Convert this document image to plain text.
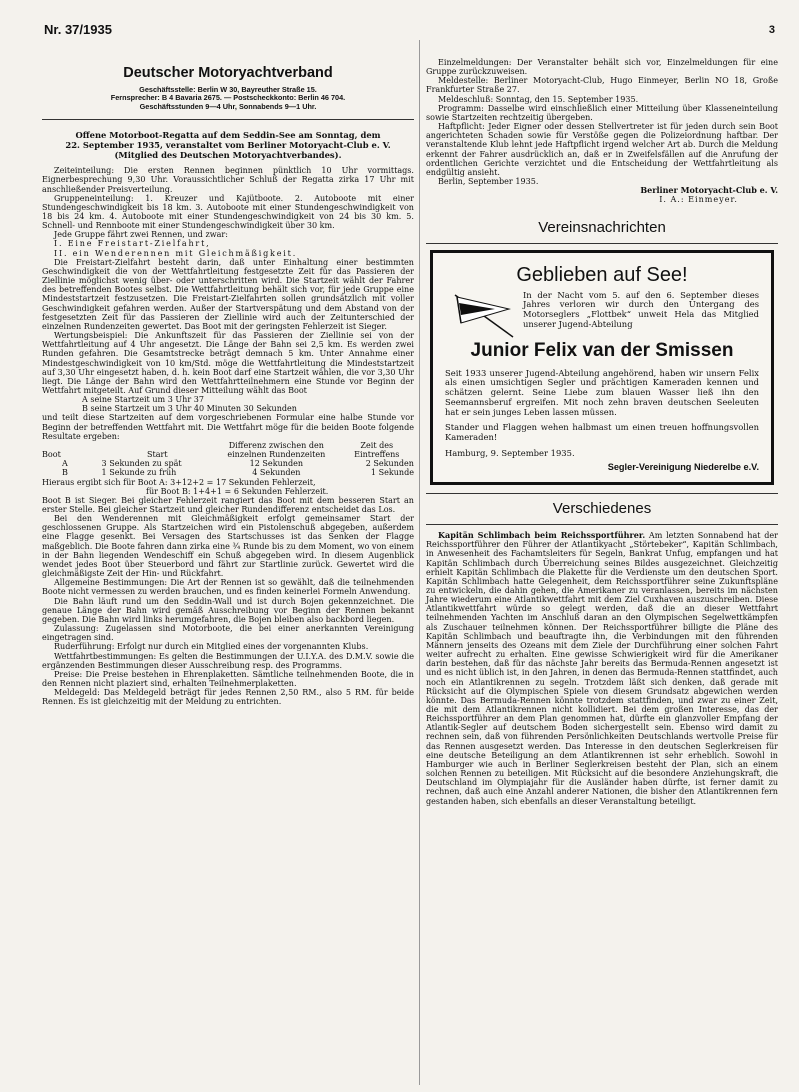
Nr. 37/1935	3
Deutscher Motoryachtverband
Geschäftsstelle: Berlin W 30, Bayreuther Straße 15.
Fernsprecher: B 4 Bavaria 2675. — Postscheckkonto: Berlin 46 704.
Geschäftsstunden 9—4 Uhr, Sonnabends 9—1 Uhr.
Offene Motorboot-Regatta auf dem Seddin-See am Sonntag, dem
22. September 1935, veranstaltet vom Berliner Motoryacht-Club e. V.
(Mitglied des Deutschen Motoryachtverbandes).

Zeiteinteilung: Die ersten Rennen beginnen pünktlich 10 Uhr vormittags. Eignerbesprechung 9,30 Uhr. Voraussichtlicher Schluß der Regatta zirka 17 Uhr mit anschließender Preisverteilung.

Gruppeneinteilung: 1. Kreuzer und Kajütboote. 2. Autoboote mit einer Stundengeschwindigkeit bis 18 km. 3. Autoboote mit einer Stundengeschwindigkeit von 18 bis 24 km. 4. Autoboote mit einer Stundengeschwindigkeit von 24 bis 30 km. 5. Schnell- und Rennboote mit einer Stundengeschwindigkeit über 30 km.

Jede Gruppe fährt zwei Rennen, und zwar:

I. Eine Freistart-Zielfahrt,

II. ein Wenderennen mit Gleichmäßigkeit.

Die Freistart-Zielfahrt besteht darin, daß unter Einhaltung einer bestimmten Geschwindigkeit die von der Wettfahrtleitung festgesetzte Zeit für das Passieren der Ziellinie möglichst wenig über- oder unterschritten wird. Die Startzeit wählt der Fahrer des betreffenden Bootes selbst. Die Wettfahrtleitung behält sich vor, für jede Gruppe eine Mindeststartzeit festzusetzen. Die Freistart-Zielfahrten sollen grundsätzlich mit voller Geschwindigkeit gefahren werden. Außer der Startverspätung und dem Abstand von der festgesetzten Zeit für das Passieren der Ziellinie wird auch der Zeitunterschied der einzelnen Rundenzeiten gewertet. Das Boot mit der geringsten Fehlerzeit ist Sieger.

Wertungsbeispiel: Die Ankunftszeit für das Passieren der Ziellinie sei von der Wettfahrtleitung auf 4 Uhr angesetzt. Die Länge der Bahn sei 2,5 km. Es werden zwei Runden gefahren. Die Gesamtstrecke beträgt demnach 5 km. Unter Annahme einer Mindestgeschwindigkeit von 10 km/Std. möge die Wettfahrtleitung die Mindeststartzeit auf 3,30 Uhr eingesetzt haben, d. h. kein Boot darf eine Startzeit wählen, die vor 3,30 Uhr liegt. Die Länge der Bahn wird den Wettfahrtteilnehmern eine Stunde vor Beginn der Wettfahrt mitgeteilt. Auf Grund dieser Mitteilung wählt das Boot

A seine Startzeit um 3 Uhr 37

B seine Startzeit um 3 Uhr 40 Minuten 30 Sekunden

und teilt diese Startzeiten auf dem vorgeschriebenen Formular eine halbe Stunde vor Beginn der betreffenden Wettfahrt mit. Die Wettfahrt möge für die beiden Boote folgende Resultate ergeben:

		Differenz zwischen den	Zeit des
Boot	Start	einzelnen Rundenzeiten	Eintreffens
A	3 Sekunden zu spät	12 Sekunden	2 Sekunden
B	1 Sekunde zu früh	4 Sekunden	1 Sekunde

Hieraus ergibt sich für Boot A: 3+12+2 = 17 Sekunden Fehlerzeit,

für Boot B: 1+4+1 = 6 Sekunden Fehlerzeit.

Boot B ist Sieger. Bei gleicher Fehlerzeit rangiert das Boot mit dem besseren Start an erster Stelle. Bei gleicher Startzeit und gleicher Rundendifferenz entscheidet das Los.

Bei den Wenderennen mit Gleichmäßigkeit erfolgt gemeinsamer Start der geschlossenen Gruppe. Als Startzeichen wird ein Pistolenschuß abgegeben, außerdem eine Flagge gesenkt. Bei Versagen des Startschusses ist das Senken der Flagge maßgeblich. Die Boote fahren dann zirka eine ¾ Runde bis zu dem Moment, wo von einem in der Bahn liegenden Wendeschiff ein Schuß abgegeben wird. In diesem Augenblick wendet jedes Boot über Steuerbord und fährt zur Startlinie zurück. Gewertet wird die gleichmäßigste Zeit der Hin- und Rückfahrt.

Allgemeine Bestimmungen: Die Art der Rennen ist so gewählt, daß die teilnehmenden Boote nicht vermessen zu werden brauchen, und es finden keinerlei Formeln Anwendung.

Die Bahn läuft rund um den Seddin-Wall und ist durch Bojen gekennzeichnet. Die genaue Länge der Bahn wird gemäß Ausschreibung vor Beginn der Rennen bekannt gegeben. Die Bahn wird links herumgefahren, die Bojen bleiben also backbord liegen.

Zulassung: Zugelassen sind Motorboote, die bei einer anerkannten Vereinigung eingetragen sind.

Ruderführung: Erfolgt nur durch ein Mitglied eines der vorgenannten Klubs.

Wettfahrtbestimmungen: Es gelten die Bestimmungen der U.I.Y.A. des D.M.V. sowie die ergänzenden Bestimmungen dieser Ausschreibung resp. des Programms.

Preise: Die Preise bestehen in Ehrenplaketten. Sämtliche teilnehmenden Boote, die in den Rennen nicht plaziert sind, erhalten Teilnehmerplaketten.

Meldegeld: Das Meldegeld beträgt für jedes Rennen 2,50 RM., also 5 RM. für beide Rennen. Es ist gleichzeitig mit der Meldung zu entrichten.

Einzelmeldungen: Der Veranstalter behält sich vor, Einzelmeldungen für eine Gruppe zurückzuweisen.

Meldestelle: Berliner Motoryacht-Club, Hugo Einmeyer, Berlin NO 18, Große Frankfurter Straße 27.

Meldeschluß: Sonntag, den 15. September 1935.

Programm: Dasselbe wird einschließlich einer Mitteilung über Klasseneinteilung sowie Startzeiten rechtzeitig übergeben.

Haftpflicht: Jeder Eigner oder dessen Stellvertreter ist für jeden durch sein Boot angerichteten Schaden sowie für Verstöße gegen die Polizeiordnung haftbar. Der veranstaltende Klub lehnt jede Haftpflicht irgend welcher Art ab. Durch die Meldung erkennt der Fahrer ausdrücklich an, daß er in Zweifelsfällen auf die Anrufung der ordentlichen Gerichte verzichtet und die Entscheidung der Wettfahrtleitung als endgültig ansieht.

Berlin, September 1935.

Berliner Motoryacht-Club e. V.

I. A.: Einmeyer.

Vereinsnachrichten
Geblieben auf See!
In der Nacht vom 5. auf den 6. September dieses Jahres verloren wir durch den Untergang des Motorseglers „Flottbek“ unweit Hela das Mitglied unserer Jugend-Abteilung
Junior Felix van der Smissen
Seit 1933 unserer Jugend-Abteilung angehörend, haben wir unsern Felix als einen umsichtigen Segler und prächtigen Kameraden kennen und schätzen gelernt. Seine Liebe zum blauen Wasser ließ ihn den Seemannsberuf ergreifen. Mit noch zehn braven deutschen Seeleuten hat er sein junges Leben lassen müssen.
Stander und Flaggen wehen halbmast um einen treuen hoffnungsvollen Kameraden!
Hamburg, 9. September 1935.
Segler-Vereinigung Niederelbe e.V.
Verschiedenes

Kapitän Schlimbach beim Reichssportführer. Am letzten Sonnabend hat der Reichssportführer den Führer der Atlantikyacht „Störtebeker“, Kapitän Schlimbach, in Anwesenheit des Fachamtsleiters für Segeln, Bankrat Unfug, empfangen und hat Kapitän Schlimbach durch Überreichung seines Bildes ausgezeichnet. Gleichzeitig erhielt Kapitän Schlimbach die Plakette für die Verdienste um den deutschen Sport. Kapitän Schlimbach hatte Gelegenheit, dem Reichssportführer seine Zukunftspläne zu entwickeln, die dahin gehen, die Amerikaner zu veranlassen, bereits im nächsten Jahre wiederum eine Atlantikwettfahrt mit dem Ziel Cuxhaven auszuschreiben. Diese Atlantikwettfahrt würde so gelegt werden, daß die an dieser Wettfahrt teilnehmenden Yachten im Anschluß daran an den Olympischen Segelwettkämpfen als Zuschauer teilnehmen können. Der Reichssportführer billigte die Pläne des Kapitän Schlimbach und beauftragte ihn, die Verbindungen mit den führenden Männern jenseits des Ozeans mit dem Ziele der Durchführung einer solchen Fahrt weiter aufrecht zu erhalten. Eine gewisse Schwierigkeit wird für die Amerikaner darin bestehen, daß für das nächste Jahr bereits das Bermuda-Rennen angesetzt ist und es nicht üblich ist, in den Jahren, in denen das Bermuda-Rennen stattfindet, auch noch ein Atlantikrennen zu segeln. Trotzdem läßt sich denken, daß gerade mit Rücksicht auf die Olympischen Spiele von diesem Grundsatz abgewichen werden könnte. Das Bermuda-Rennen könnte trotzdem stattfinden, und zwar zu einer Zeit, die mit dem Atlantikrennen nicht kollidiert. Bei dem großen Interesse, das der Reichssportführer an dem Plan genommen hat, dürfte ein glanzvoller Empfang der Atlantik-Segler auf deutschem Boden sichergestellt sein. Ebenso wird damit zu rechnen sein, daß von führenden Persönlichkeiten Deutschlands wertvolle Preise für das Rennen ausgesetzt werden. Das Interesse in den deutschen Seglerkreisen für eine deutsche Beteiligung an dem Atlantikrennen ist sehr erheblich. Sowohl in Hamburger wie auch in Berliner Seglerkreisen besteht der Plan, sich an einem solchen Rennen zu beteiligen. Mit Rücksicht auf die besondere Anziehungskraft, die Deutschland im Olympiajahr für die Ausländer haben dürfte, ist ferner damit zu rechnen, daß auch eine Anzahl anderer Nationen, die bisher den Atlantikrennen fern gestanden haben, sich ebenfalls an dieser Veranstaltung beteiligt.
